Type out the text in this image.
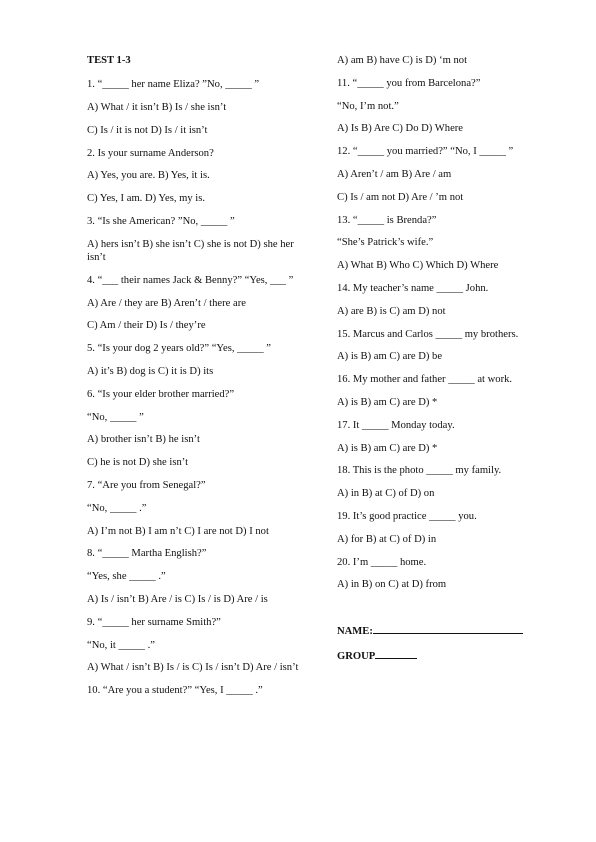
TEST 1-3
1. “_____ her name Eliza? ”No, _____ ”
A) What / it isn’t B) Is / she isn’t
C) Is / it is not D) Is / it isn’t
2. Is your surname Anderson?
A) Yes, you are. B) Yes, it is.
C) Yes, I am. D) Yes, my is.
3. “Is she American? ”No, _____ ”
A) hers isn’t B) she isn’t C) she is not D) she her isn’t
4. “___ their names Jack & Benny?” “Yes, ___ ”
A) Are / they are B) Aren’t / there are
C) Am / their D) Is / they’re
5. “Is your dog 2 years old?” “Yes, _____ ”
A) it’s B) dog is C) it is D) its
6. “Is your elder brother married?”
“No, _____ ”
A) brother isn’t B) he isn’t
C) he is not D) she isn’t
7. “Are you from Senegal?”
“No, _____ .”
A) I’m not B) I am n’t C) I are not D) I not
8. “_____ Martha English?”
“Yes, she _____ .”
A) Is / isn’t B) Are / is C) Is / is D) Are / is
9. “_____ her surname Smith?”
“No, it _____ .”
A) What / isn’t B) Is / is C) Is / isn’t D) Are / isn’t
10. “Are you a student?” “Yes, I _____ .”
A) am B) have C) is D) ‘m not
11. “_____ you from Barcelona?”
“No, I’m not.”
A) Is B) Are C) Do D) Where
12. “_____ you married?” “No, I _____ ”
A) Aren’t / am B) Are / am
C) Is / am not D) Are / ’m not
13. “_____ is Brenda?”
“She’s Patrick’s wife.”
A) What B) Who C) Which D) Where
14. My teacher’s name _____ John.
A) are B) is C) am D) not
15. Marcus and Carlos _____ my brothers.
A) is B) am C) are D) be
16. My mother and father _____ at work.
A) is B) am C) are D) *
17. It _____ Monday today.
A) is B) am C) are D) *
18. This is the photo _____ my family.
A) in B) at C) of D) on
19. It’s good practice _____ you.
A) for B) at C) of D) in
20. I’m _____ home.
A) in B) on C) at D) from
NAME:
GROUP
